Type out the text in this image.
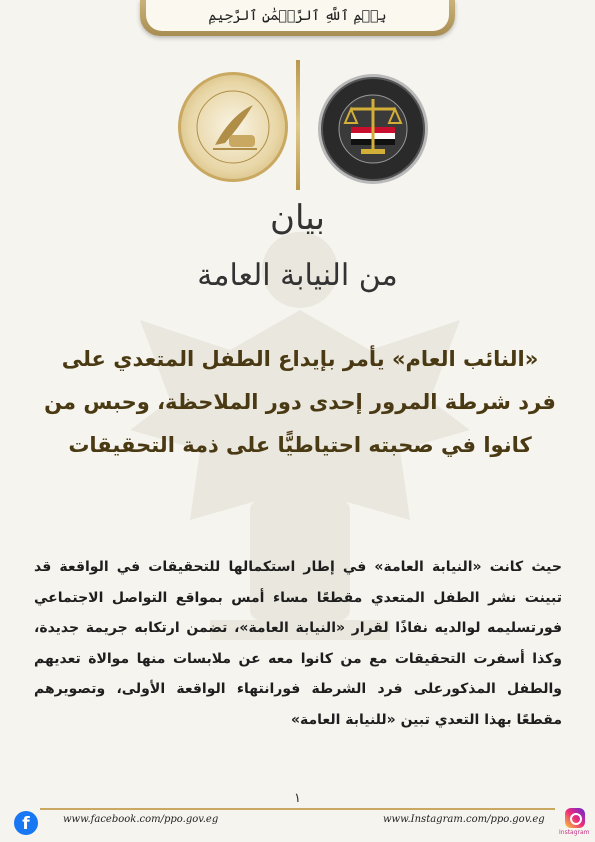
بِسۡمِ ٱللَّهِ ٱلرَّحۡمَٰنِ ٱلرَّحِيمِ
بيان
من النيابة العامة
«النائب العام» يأمر بإيداع الطفل المتعدي على فرد شرطة المرور إحدى دور الملاحظة، وحبس من كانوا في صحبته احتياطيًّا على ذمة التحقيقات
حيث كانت «النيابة العامة» في إطار استكمالها للتحقيقات في الواقعة قد تبينت نشر الطفل المتعدي مقطعًا مساء أمس بمواقع التواصل الاجتماعي فورتسليمه لوالديه نفاذًا لقرار «النيابة العامة»، تضمن ارتكابه جريمة جديدة، وكذا أسفرت التحقيقات مع من كانوا معه عن ملابسات منها موالاة تعديهم والطفل المذكورعلى فرد الشرطة فورانتهاء الواقعة الأولى، وتصويرهم مقطعًا بهذا التعدي تبين «للنيابة العامة»
١
f	www.facebook.com/ppo.gov.eg	www.Instagram.com/ppo.gov.eg
Instagram
